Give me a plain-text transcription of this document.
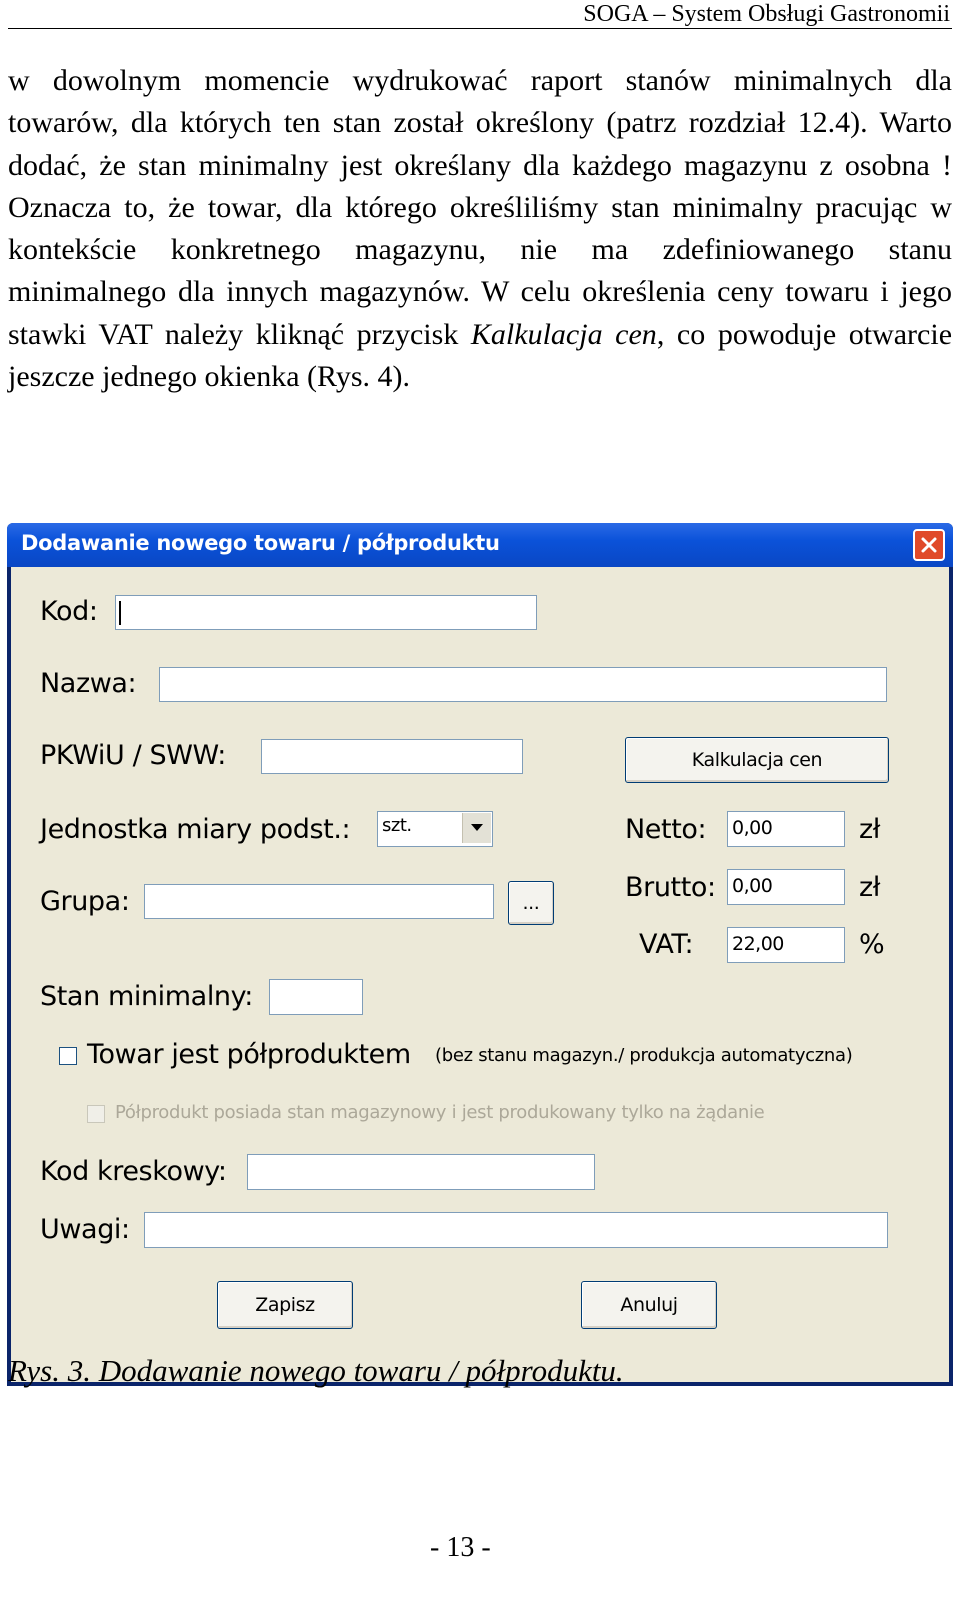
SOGA – System Obsługi Gastronomii
w dowolnym momencie wydrukować raport stanów minimalnych dla towarów, dla których ten stan został określony (patrz rozdział 12.4). Warto dodać, że stan minimalny jest określany dla każdego magazynu z osobna ! Oznacza to, że towar, dla którego określiliśmy stan minimalny pracując w kontekście konkretnego magazynu, nie ma zdefiniowanego stanu minimalnego dla innych magazynów. W celu określenia ceny towaru i jego stawki VAT należy kliknąć przycisk Kalkulacja cen, co powoduje otwarcie jeszcze jednego okienka (Rys. 4).
Dodawanie nowego towaru / półproduktu
Kod:
Nazwa:
PKWiU / SWW:	Kalkulacja cen
Jednostka miary podst.: szt.	Netto: 0,00	zł
Grupa:	...	Brutto: 0,00	zł
VAT: 22,00	%
Stan minimalny:
Towar jest półproduktem (bez stanu magazyn./ produkcja automatyczna)
Półprodukt posiada stan magazynowy i jest produkowany tylko na żądanie
Kod kreskowy:
Uwagi:
Zapisz	Anuluj
Rys. 3. Dodawanie nowego towaru / półproduktu.
- 13 -
